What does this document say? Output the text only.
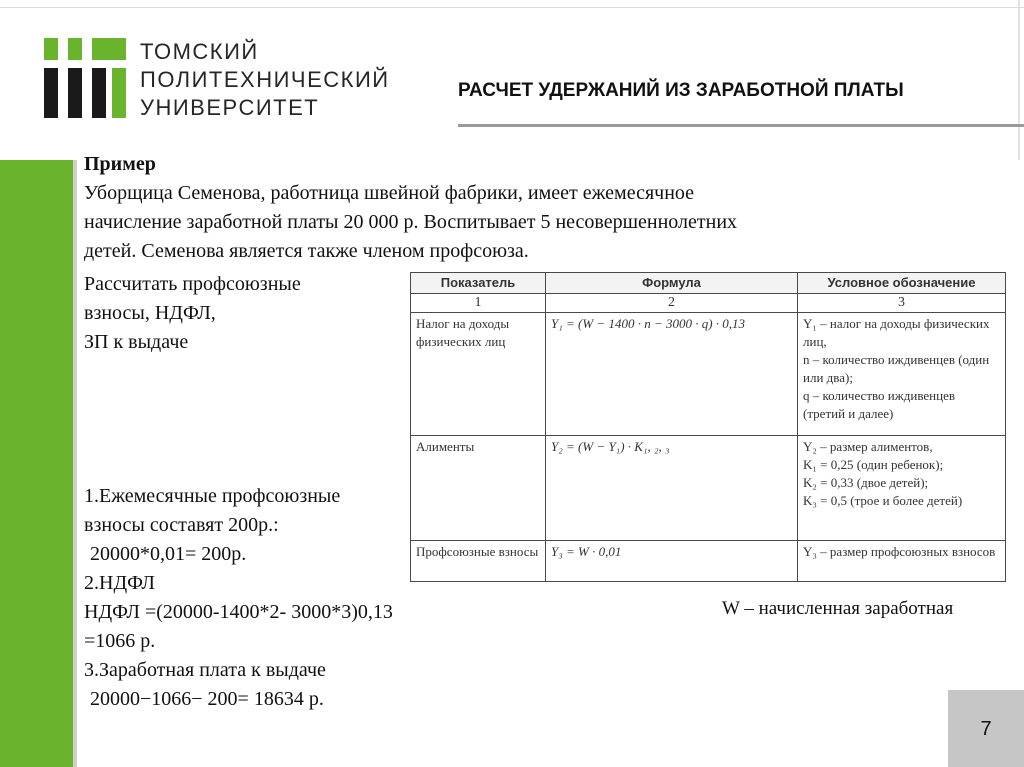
ТОМСКИЙ
ПОЛИТЕХНИЧЕСКИЙ
УНИВЕРСИТЕТ
РАСЧЕТ УДЕРЖАНИЙ ИЗ ЗАРАБОТНОЙ ПЛАТЫ
Пример
Уборщица Семенова, работница швейной фабрики, имеет ежемесячное
начисление заработной платы 20 000 р. Воспитывает 5 несовершеннолетних
детей. Семенова является также членом профсоюза.
Рассчитать профсоюзные
взносы, НДФЛ,
ЗП к выдаче
Показатель	Формула	Условное обозначение
1	2	3
Налог на доходы физических лиц	Y₁ = (W − 1400 · n − 3000 · q) · 0,13	Y₁ – налог на доходы физических лиц,
n – количество иждивенцев (один или два);
q – количество иждивенцев (третий и далее)

Алименты	Y₂ = (W − Y₁) · K₁, ₂, ₃	Y₂ – размер алиментов,
K₁ = 0,25 (один ребенок);
K₂ = 0,33 (двое детей);
K₃ = 0,5 (трое и более детей)

Профсоюзные взносы	Y₃ = W · 0,01	Y₃ – размер профсоюзных взносов
1.Ежемесячные профсоюзные
взносы составят 200р.:
20000*0,01= 200р.
2.НДФЛ
НДФЛ =(20000-1400*2- 3000*3)0,13
=1066 р.
3.Заработная плата к выдаче
20000−1066− 200= 18634 р.
W – начисленная заработная
7
